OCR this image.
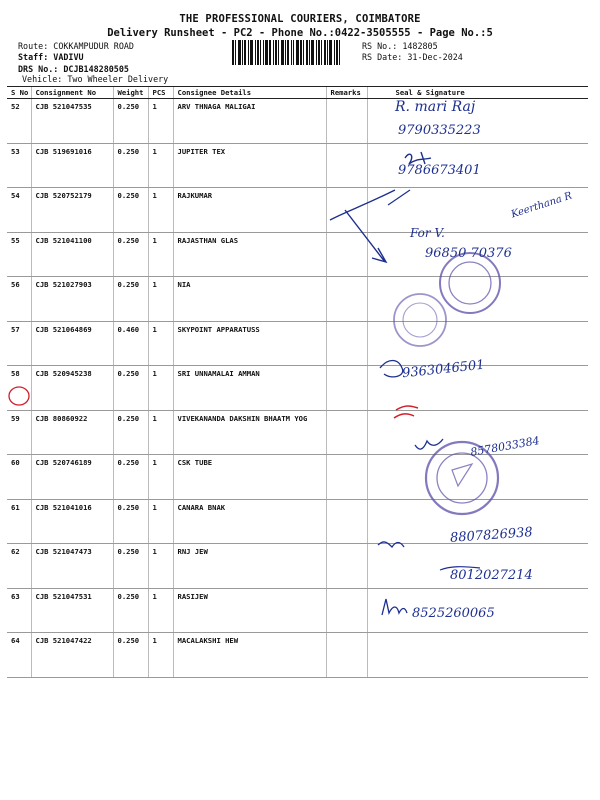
THE PROFESSIONAL COURIERS, COIMBATORE
Delivery Runsheet - PC2 - Phone No.:0422-3505555 - Page No.:5
Route: COKKAMPUDUR ROAD
Staff: VADIVU
DRS No.: DCJB148280505
Vehicle: Two Wheeler Delivery
RS No.: 1482805
RS Date: 31-Dec-2024
S No	Consignment No	Weight	PCS	Consignee Details	Remarks	Seal & Signature
52	CJB 521047535	0.250	1	ARV THNAGA MALIGAI		
53	CJB 519691016	0.250	1	JUPITER TEX		
54	CJB 520752179	0.250	1	RAJKUMAR		
55	CJB 521041100	0.250	1	RAJASTHAN GLAS		
56	CJB 521027903	0.250	1	NIA		
57	CJB 521064869	0.460	1	SKYPOINT APPARATUSS		
58	CJB 520945238	0.250	1	SRI UNNAMALAI AMMAN		
59	CJB 80860922	0.250	1	VIVEKANANDA DAKSHIN BHAATM YOG		
60	CJB 520746189	0.250	1	CSK TUBE		
61	CJB 521041016	0.250	1	CANARA BNAK		
62	CJB 521047473	0.250	1	RNJ JEW		
63	CJB 521047531	0.250	1	RASIJEW		
64	CJB 521047422	0.250	1	MACALAKSHI HEW		
R. mari Raj
9790335223
9786673401
Keerthana R
For V.
96850 70376
9363046501
8578033384
8807826938
8012027214
8525260065
